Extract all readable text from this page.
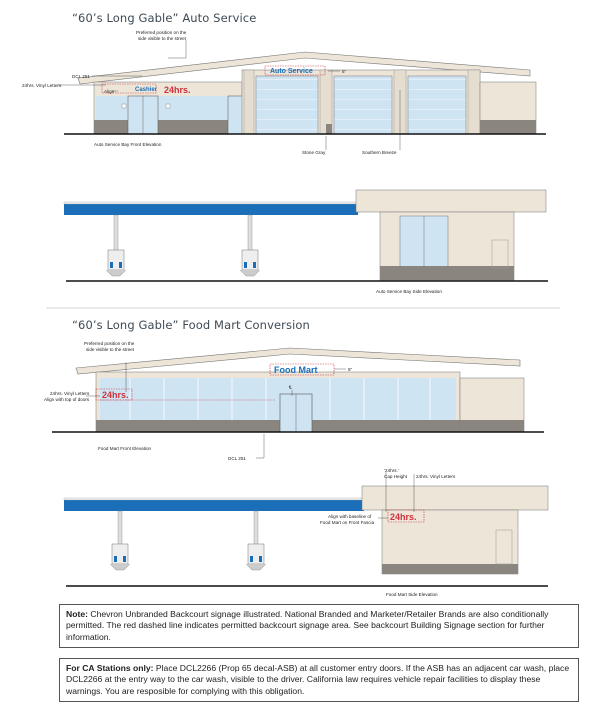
“60’s Long Gable” Auto Service
Cashier 24hrs.
Auto Service
Preferred position on the
side visible to the street
DCL 251
24hrs. Vinyl Letters
Align
5"
Auto Service Bay Front Elevation
Stone Gray	Southern Breeze
Auto Service Bay Side Elevation
24hrs.
Food Mart
Preferred position on the
side visible to the street
24hrs. Vinyl Letters
Align with top of doors
5"
℄
Food Mart Front Elevation
DCL 251
24hrs.
‘24hrs.’
Cap Height 24hrs. Vinyl Letters
Align with baseline of
Food Mart on Front Fascia
Food Mart Side Elevation
“60’s Long Gable” Food Mart Conversion
Note: Chevron Unbranded Backcourt signage illustrated. National Branded and Marketer/Retailer Brands are also conditionally permitted. The red dashed line indicates permitted backcourt signage area. See backcourt Building Signage section for further information.
For CA Stations only: Place DCL2266 (Prop 65 decal-ASB) at all customer entry doors. If the ASB has an adjacent car wash, place DCL2266 at the entry way to the car wash, visible to the driver. California law requires vehicle repair facilities to display these warnings. You are resposible for complying with this obligation.
